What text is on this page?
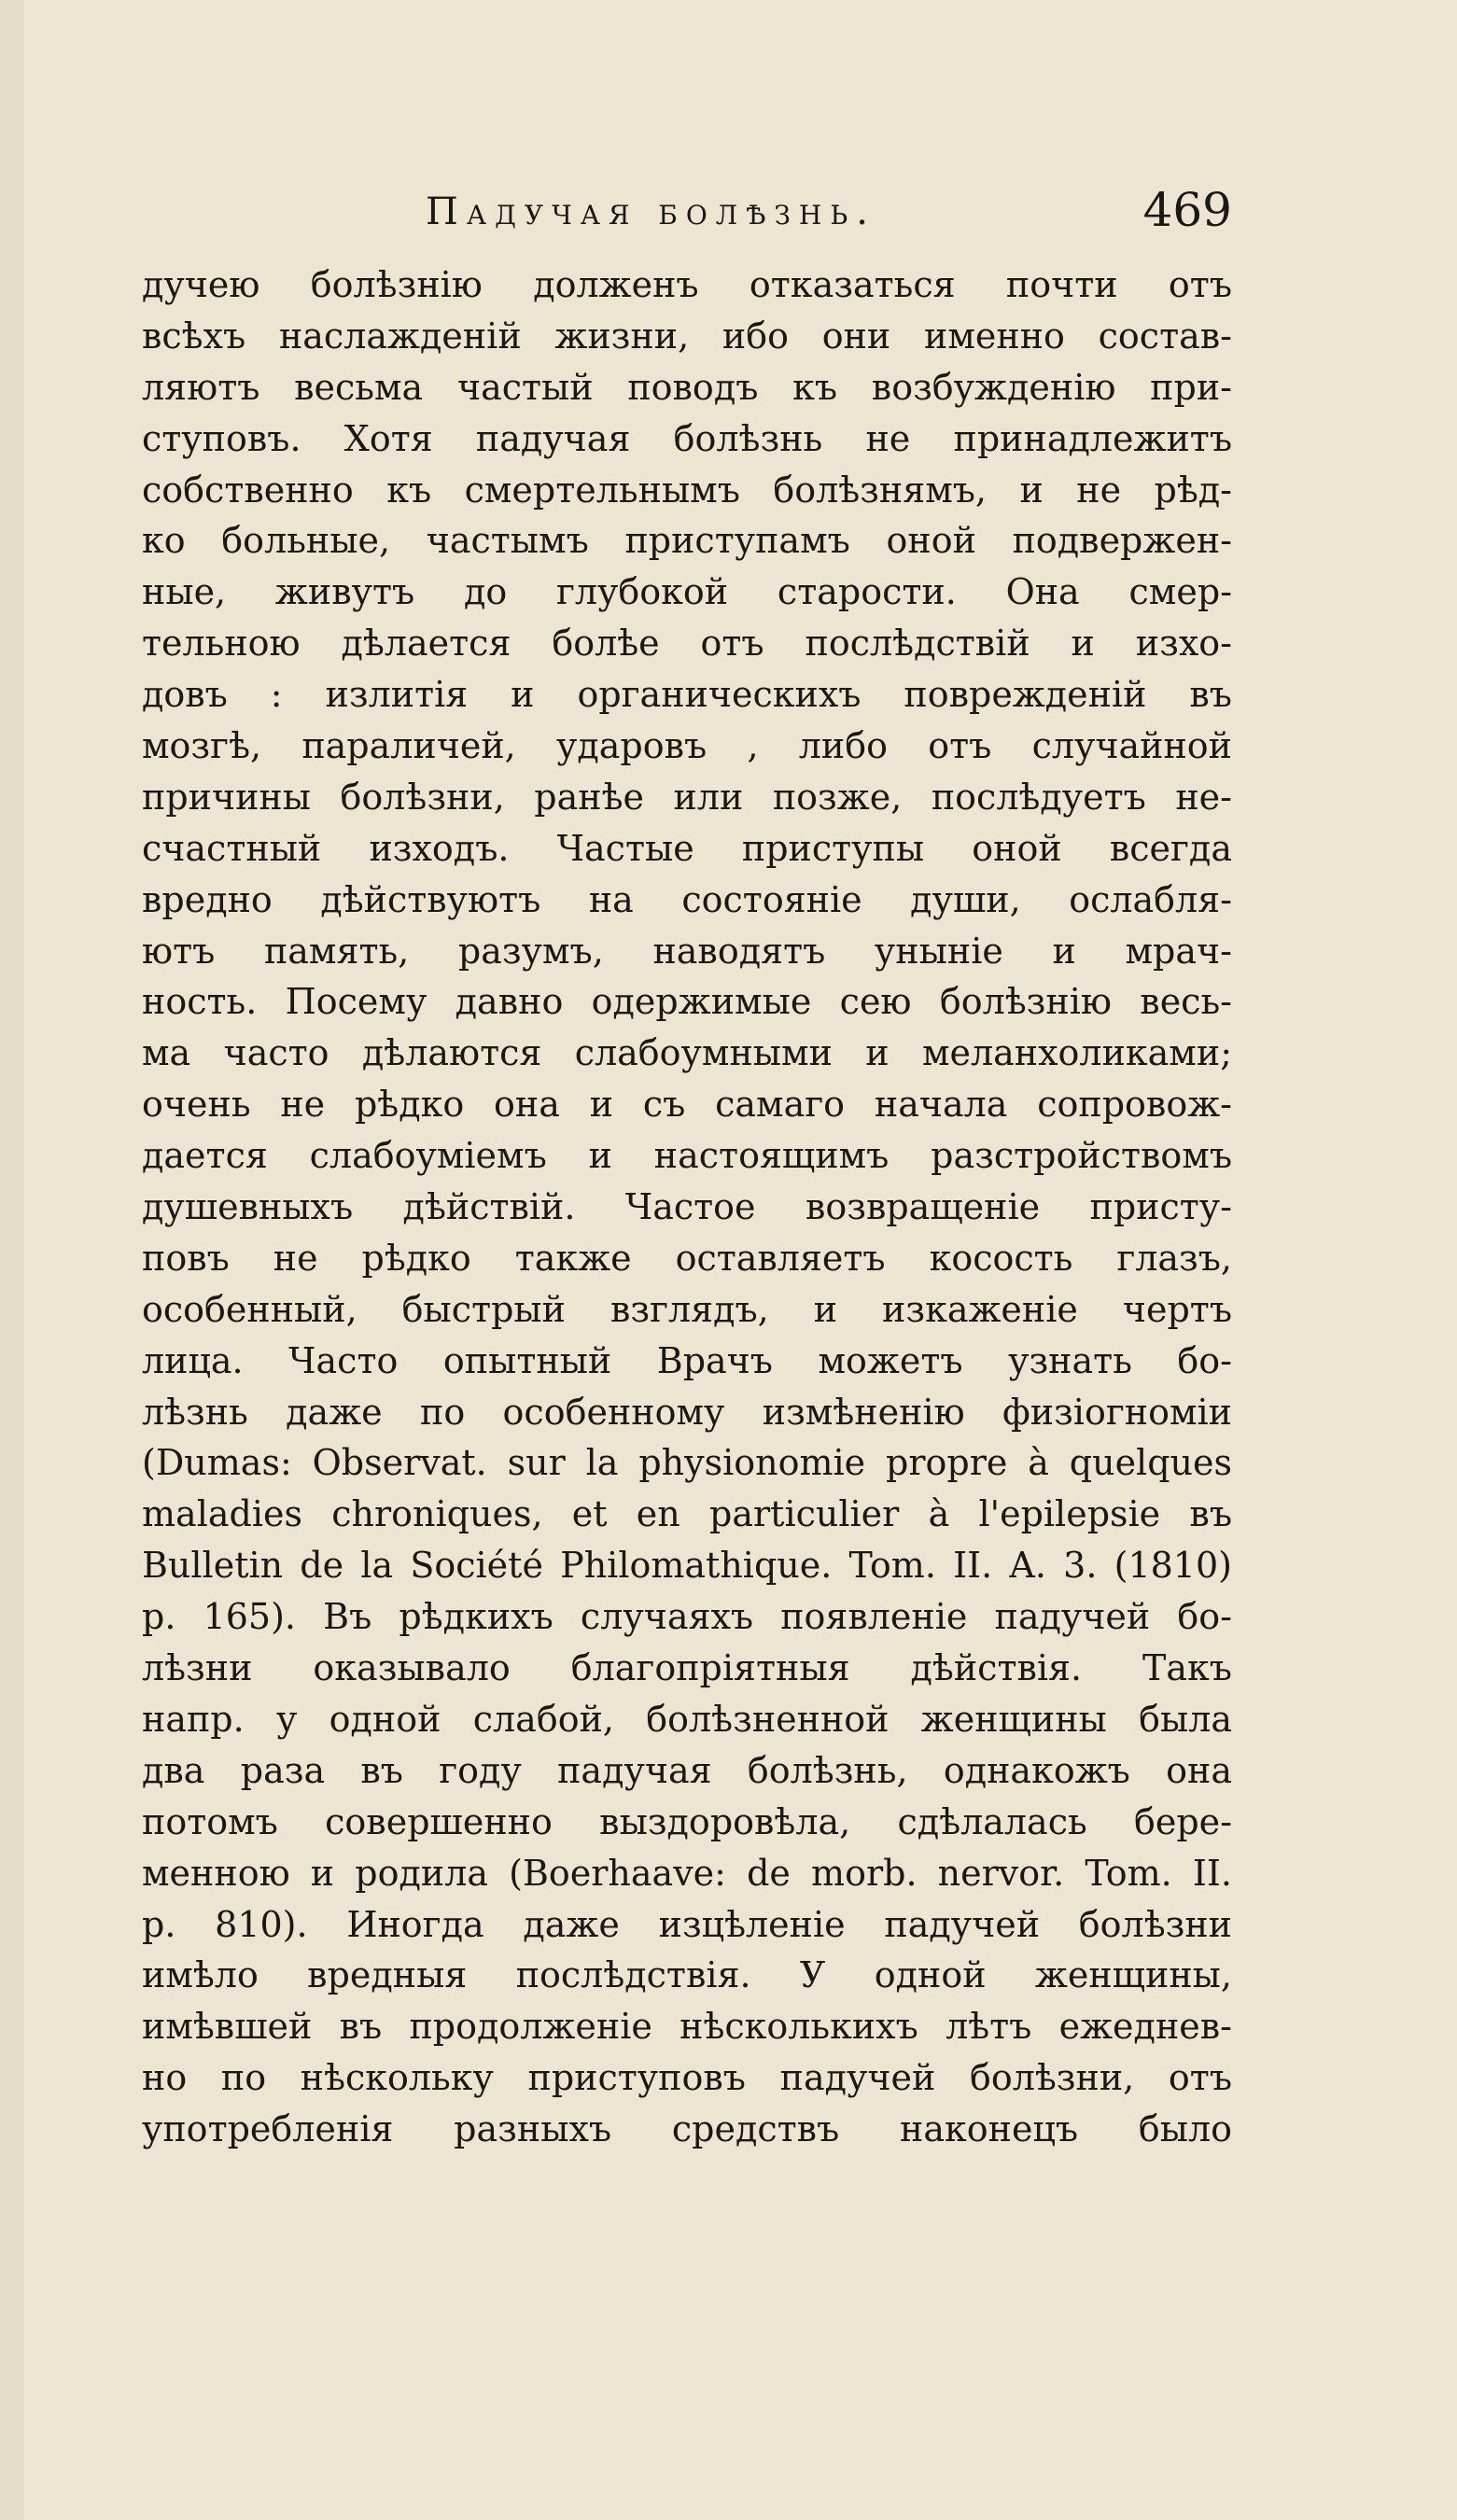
Падучая болѣзнь.	469
дучею болѣзнію долженъ отказаться почти отъ
всѣхъ наслажденій жизни, ибо они именно состав-
ляютъ весьма частый поводъ къ возбужденію при-
ступовъ. Хотя падучая болѣзнь не принадлежитъ
собственно къ смертельнымъ болѣзнямъ, и не рѣд-
ко больные, частымъ приступамъ оной подвержен-
ные, живутъ до глубокой старости. Она смер-
тельною дѣлается болѣе отъ послѣдствій и изхо-
довъ : излитія и органическихъ поврежденій въ
мозгѣ, параличей, ударовъ , либо отъ случайной
причины болѣзни, ранѣе или позже, послѣдуетъ не-
счастный изходъ. Частые приступы оной всегда
вредно дѣйствуютъ на состояніе души, ослабля-
ютъ память, разумъ, наводятъ уныніе и мрач-
ность. Посему давно одержимые сею болѣзнію весь-
ма часто дѣлаются слабоумными и меланхоликами;
очень не рѣдко она и съ самаго начала сопровож-
дается слабоуміемъ и настоящимъ разстройствомъ
душевныхъ дѣйствій. Частое возвращеніе присту-
повъ не рѣдко также оставляетъ косость глазъ,
особенный, быстрый взглядъ, и изкаженіе чертъ
лица. Часто опытный Врачъ можетъ узнать бо-
лѣзнь даже по особенному измѣненію физіогноміи
(Dumas: Observat. sur la physionomie propre à quelques
maladies chroniques, et en particulier à l'epilepsie въ
Bulletin de la Société Philomathique. Tom. II. A. 3. (1810)
p. 165). Въ рѣдкихъ случаяхъ появленіе падучей бо-
лѣзни оказывало благопріятныя дѣйствія. Такъ
напр. у одной слабой, болѣзненной женщины была
два раза въ году падучая болѣзнь, однакожъ она
потомъ совершенно выздоровѣла, сдѣлалась бере-
менною и родила (Boerhaave: de morb. nervor. Tom. II.
p. 810). Иногда даже изцѣленіе падучей болѣзни
имѣло вредныя послѣдствія. У одной женщины,
имѣвшей въ продолженіе нѣсколькихъ лѣтъ ежеднев-
но по нѣскольку приступовъ падучей болѣзни, отъ
употребленія разныхъ средствъ наконецъ было
